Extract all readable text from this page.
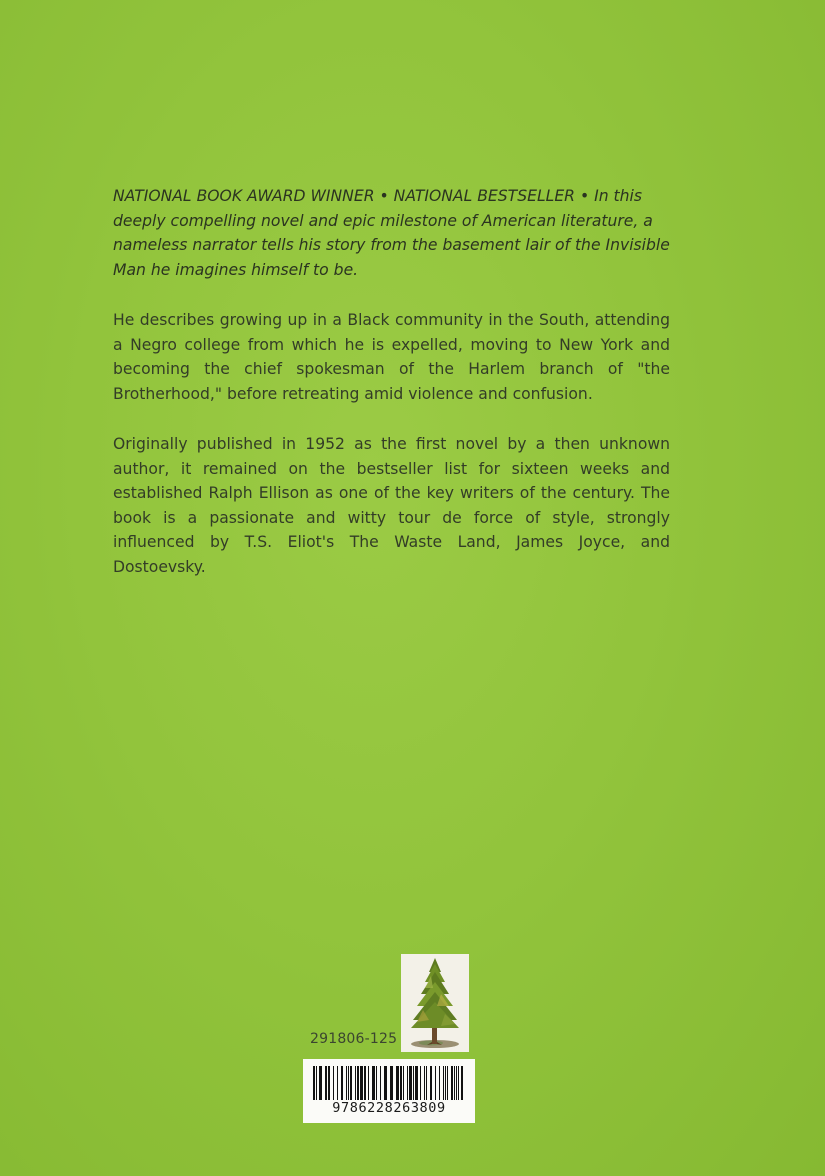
NATIONAL BOOK AWARD WINNER • NATIONAL BESTSELLER • In this deeply compelling novel and epic milestone of American literature, a nameless narrator tells his story from the basement lair of the Invisible Man he imagines himself to be.

He describes growing up in a Black community in the South, attending a Negro college from which he is expelled, moving to New York and becoming the chief spokesman of the Harlem branch of "the Brotherhood," before retreating amid violence and confusion.

Originally published in 1952 as the first novel by a then unknown author, it remained on the bestseller list for sixteen weeks and established Ralph Ellison as one of the key writers of the century. The book is a passionate and witty tour de force of style, strongly influenced by T.S. Eliot's The Waste Land, James Joyce, and Dostoevsky.

291806-125
9786228263809
